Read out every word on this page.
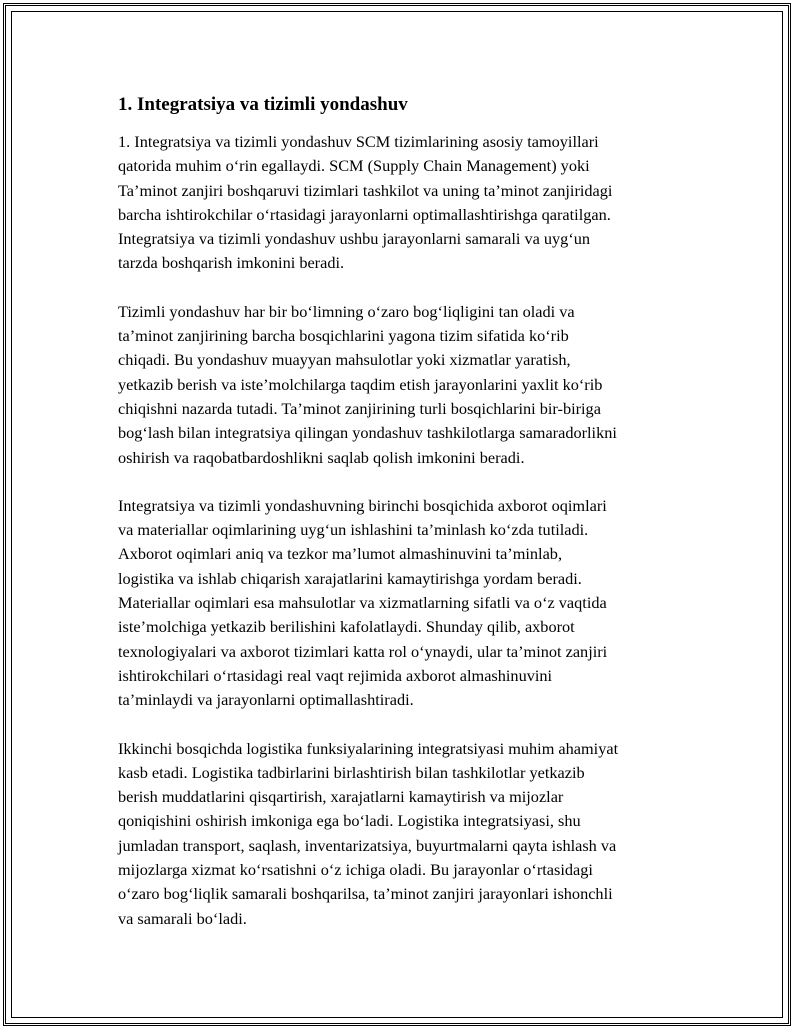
1. Integratsiya va tizimli yondashuv

1. Integratsiya va tizimli yondashuv SCM tizimlarining asosiy tamoyillari
qatorida muhim o‘rin egallaydi. SCM (Supply Chain Management) yoki
Ta’minot zanjiri boshqaruvi tizimlari tashkilot va uning ta’minot zanjiridagi
barcha ishtirokchilar o‘rtasidagi jarayonlarni optimallashtirishga qaratilgan.
Integratsiya va tizimli yondashuv ushbu jarayonlarni samarali va uyg‘un
tarzda boshqarish imkonini beradi.

Tizimli yondashuv har bir bo‘limning o‘zaro bog‘liqligini tan oladi va
ta’minot zanjirining barcha bosqichlarini yagona tizim sifatida ko‘rib
chiqadi. Bu yondashuv muayyan mahsulotlar yoki xizmatlar yaratish,
yetkazib berish va iste’molchilarga taqdim etish jarayonlarini yaxlit ko‘rib
chiqishni nazarda tutadi. Ta’minot zanjirining turli bosqichlarini bir-biriga
bog‘lash bilan integratsiya qilingan yondashuv tashkilotlarga samaradorlikni
oshirish va raqobatbardoshlikni saqlab qolish imkonini beradi.

Integratsiya va tizimli yondashuvning birinchi bosqichida axborot oqimlari
va materiallar oqimlarining uyg‘un ishlashini ta’minlash ko‘zda tutiladi.
Axborot oqimlari aniq va tezkor ma’lumot almashinuvini ta’minlab,
logistika va ishlab chiqarish xarajatlarini kamaytirishga yordam beradi.
Materiallar oqimlari esa mahsulotlar va xizmatlarning sifatli va o‘z vaqtida
iste’molchiga yetkazib berilishini kafolatlaydi. Shunday qilib, axborot
texnologiyalari va axborot tizimlari katta rol o‘ynaydi, ular ta’minot zanjiri
ishtirokchilari o‘rtasidagi real vaqt rejimida axborot almashinuvini
ta’minlaydi va jarayonlarni optimallashtiradi.

Ikkinchi bosqichda logistika funksiyalarining integratsiyasi muhim ahamiyat
kasb etadi. Logistika tadbirlarini birlashtirish bilan tashkilotlar yetkazib
berish muddatlarini qisqartirish, xarajatlarni kamaytirish va mijozlar
qoniqishini oshirish imkoniga ega bo‘ladi. Logistika integratsiyasi, shu
jumladan transport, saqlash, inventarizatsiya, buyurtmalarni qayta ishlash va
mijozlarga xizmat ko‘rsatishni o‘z ichiga oladi. Bu jarayonlar o‘rtasidagi
o‘zaro bog‘liqlik samarali boshqarilsa, ta’minot zanjiri jarayonlari ishonchli
va samarali bo‘ladi.
